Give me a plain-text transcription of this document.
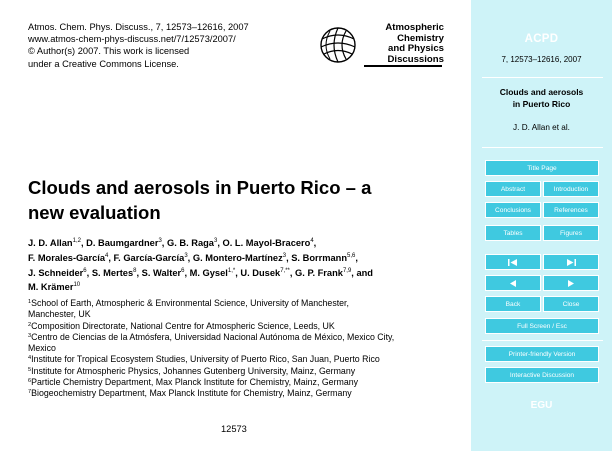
Atmos. Chem. Phys. Discuss., 7, 12573–12616, 2007
www.atmos-chem-phys-discuss.net/7/12573/2007/
© Author(s) 2007. This work is licensed
under a Creative Commons License.
Atmospheric
Chemistry
and Physics
Discussions
Clouds and aerosols in Puerto Rico – a
new evaluation
J. D. Allan$^{1,2}$, D. Baumgardner$^3$, G. B. Raga$^3$, O. L. Mayol-Bracero$^4$,
F. Morales-García$^4$, F. García-García$^3$, G. Montero-Martínez$^3$, S. Borrmann$^{5,6}$,
J. Schneider$^6$, S. Mertes$^8$, S. Walter$^6$, M. Gysel$^{1,*}$, U. Dusek$^{7,**}$, G. P. Frank$^{7,9}$, and
M. Krämer$^{10}$
$^1$School of Earth, Atmospheric & Environmental Science, University of Manchester,
Manchester, UK
$^2$Composition Directorate, National Centre for Atmospheric Science, Leeds, UK
$^3$Centro de Ciencias de la Atmósfera, Universidad Nacional Autónoma de México, Mexico City,
Mexico
$^4$Institute for Tropical Ecosystem Studies, University of Puerto Rico, San Juan, Puerto Rico
$^5$Institute for Atmospheric Physics, Johannes Gutenberg University, Mainz, Germany
$^6$Particle Chemistry Department, Max Planck Institute for Chemistry, Mainz, Germany
$^7$Biogeochemistry Department, Max Planck Institute for Chemistry, Mainz, Germany
12573
ACPD
7, 12573–12616, 2007
Clouds and aerosols
in Puerto Rico
J. D. Allan et al.
Title Page
Abstract	Introduction
Conclusions	References
Tables	Figures
Back	Close
Full Screen / Esc
Printer-friendly Version
Interactive Discussion
EGU
